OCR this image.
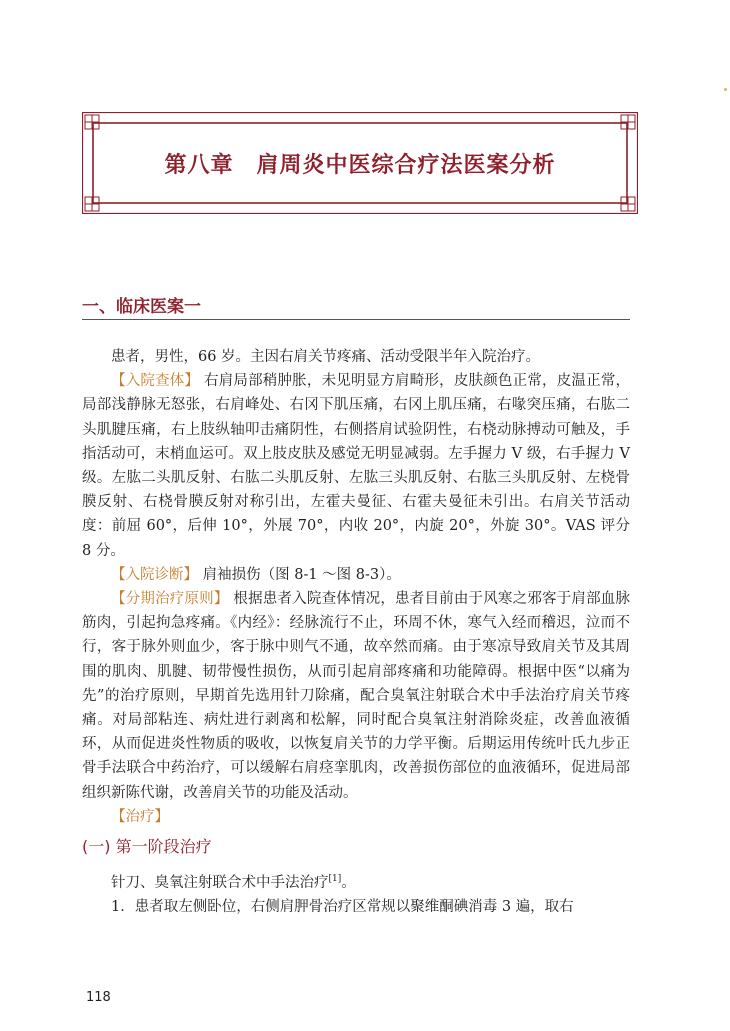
第八章　肩周炎中医综合疗法医案分析
一、临床医案一

患者，男性，66 岁。主因右肩关节疼痛、活动受限半年入院治疗。

【入院查体】 右肩局部稍肿胀，未见明显方肩畸形，皮肤颜色正常，皮温正常，局部浅静脉无怒张，右肩峰处、右冈下肌压痛，右冈上肌压痛，右喙突压痛，右肱二头肌腱压痛，右上肢纵轴叩击痛阴性，右侧搭肩试验阴性，右桡动脉搏动可触及，手指活动可，末梢血运可。双上肢皮肤及感觉无明显减弱。左手握力 V 级，右手握力 V 级。左肱二头肌反射、右肱二头肌反射、左肱三头肌反射、右肱三头肌反射、左桡骨膜反射、右桡骨膜反射对称引出，左霍夫曼征、右霍夫曼征未引出。右肩关节活动度：前屈 60°，后伸 10°，外展 70°，内收 20°，内旋 20°，外旋 30°。VAS 评分 8 分。

【入院诊断】 肩袖损伤（图 8-1 ～图 8-3）。

【分期治疗原则】 根据患者入院查体情况，患者目前由于风寒之邪客于肩部血脉筋肉，引起拘急疼痛。《内经》：经脉流行不止，环周不休，寒气入经而稽迟，泣而不行，客于脉外则血少，客于脉中则气不通，故卒然而痛。由于寒凉导致肩关节及其周围的肌肉、肌腱、韧带慢性损伤，从而引起肩部疼痛和功能障碍。根据中医“以痛为先”的治疗原则，早期首先选用针刀除痛，配合臭氧注射联合术中手法治疗肩关节疼痛。对局部粘连、病灶进行剥离和松解，同时配合臭氧注射消除炎症，改善血液循环，从而促进炎性物质的吸收，以恢复肩关节的力学平衡。后期运用传统叶氏九步正骨手法联合中药治疗，可以缓解右肩痉挛肌肉，改善损伤部位的血液循环，促进局部组织新陈代谢，改善肩关节的功能及活动。

【治疗】

(一) 第一阶段治疗

针刀、臭氧注射联合术中手法治疗[1]。

1．患者取左侧卧位，右侧肩胛骨治疗区常规以聚维酮碘消毒 3 遍，取右

118
